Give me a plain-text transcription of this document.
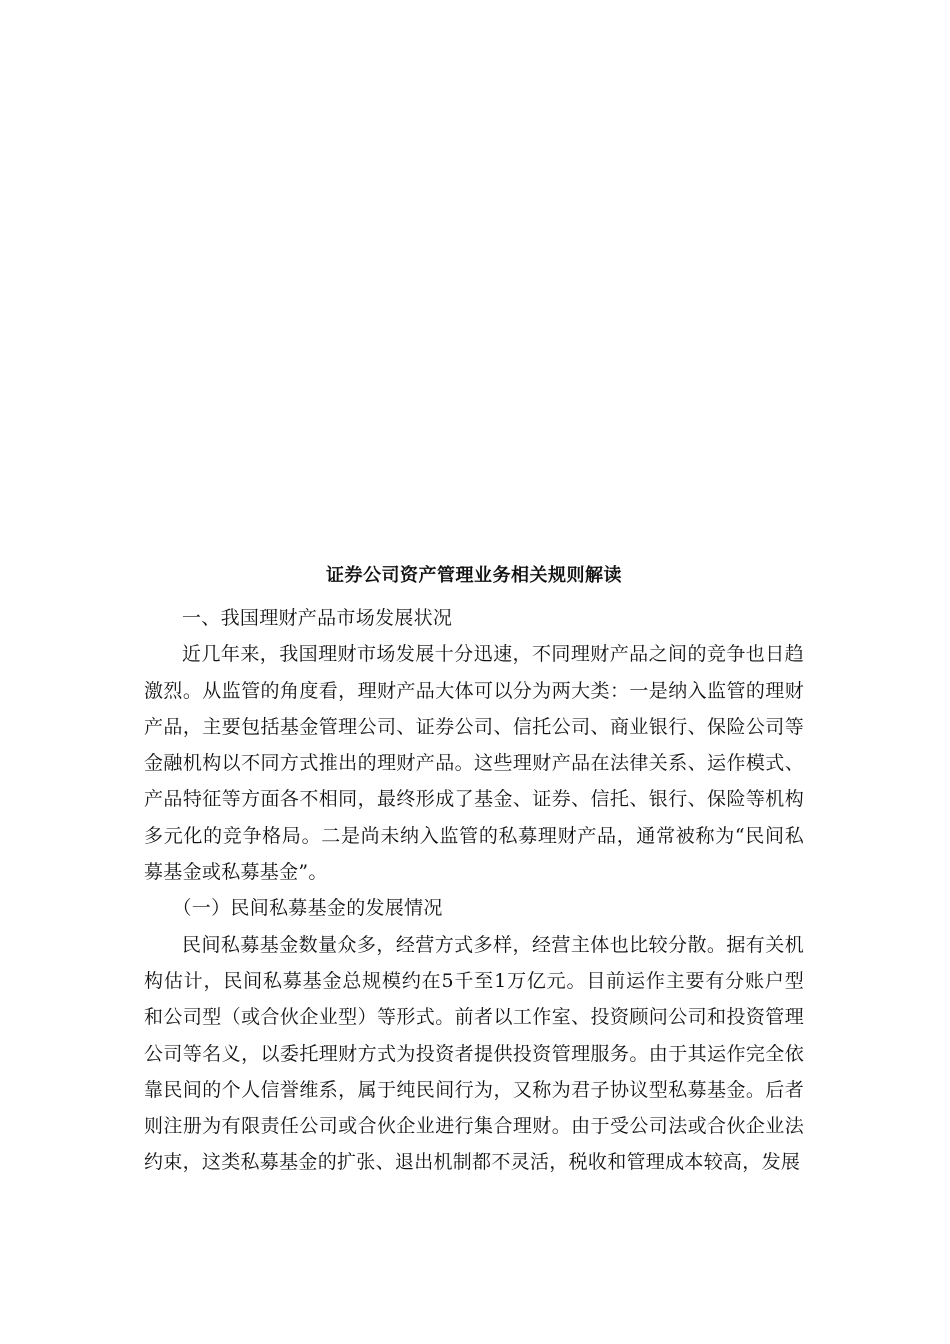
证券公司资产管理业务相关规则解读

一、我国理财产品市场发展状况

近几年来，我国理财市场发展十分迅速，不同理财产品之间的竞争也日趋激烈。从监管的角度看，理财产品大体可以分为两大类：一是纳入监管的理财产品，主要包括基金管理公司、证券公司、信托公司、商业银行、保险公司等金融机构以不同方式推出的理财产品。这些理财产品在法律关系、运作模式、产品特征等方面各不相同，最终形成了基金、证券、信托、银行、保险等机构多元化的竞争格局。二是尚未纳入监管的私募理财产品，通常被称为“民间私募基金或私募基金”。

（一）民间私募基金的发展情况

民间私募基金数量众多，经营方式多样，经营主体也比较分散。据有关机构估计，民间私募基金总规模约在5千至1万亿元。目前运作主要有分账户型和公司型（或合伙企业型）等形式。前者以工作室、投资顾问公司和投资管理公司等名义，以委托理财方式为投资者提供投资管理服务。由于其运作完全依靠民间的个人信誉维系，属于纯民间行为，又称为君子协议型私募基金。后者则注册为有限责任公司或合伙企业进行集合理财。由于受公司法或合伙企业法约束，这类私募基金的扩张、退出机制都不灵活，税收和管理成本较高，发展
